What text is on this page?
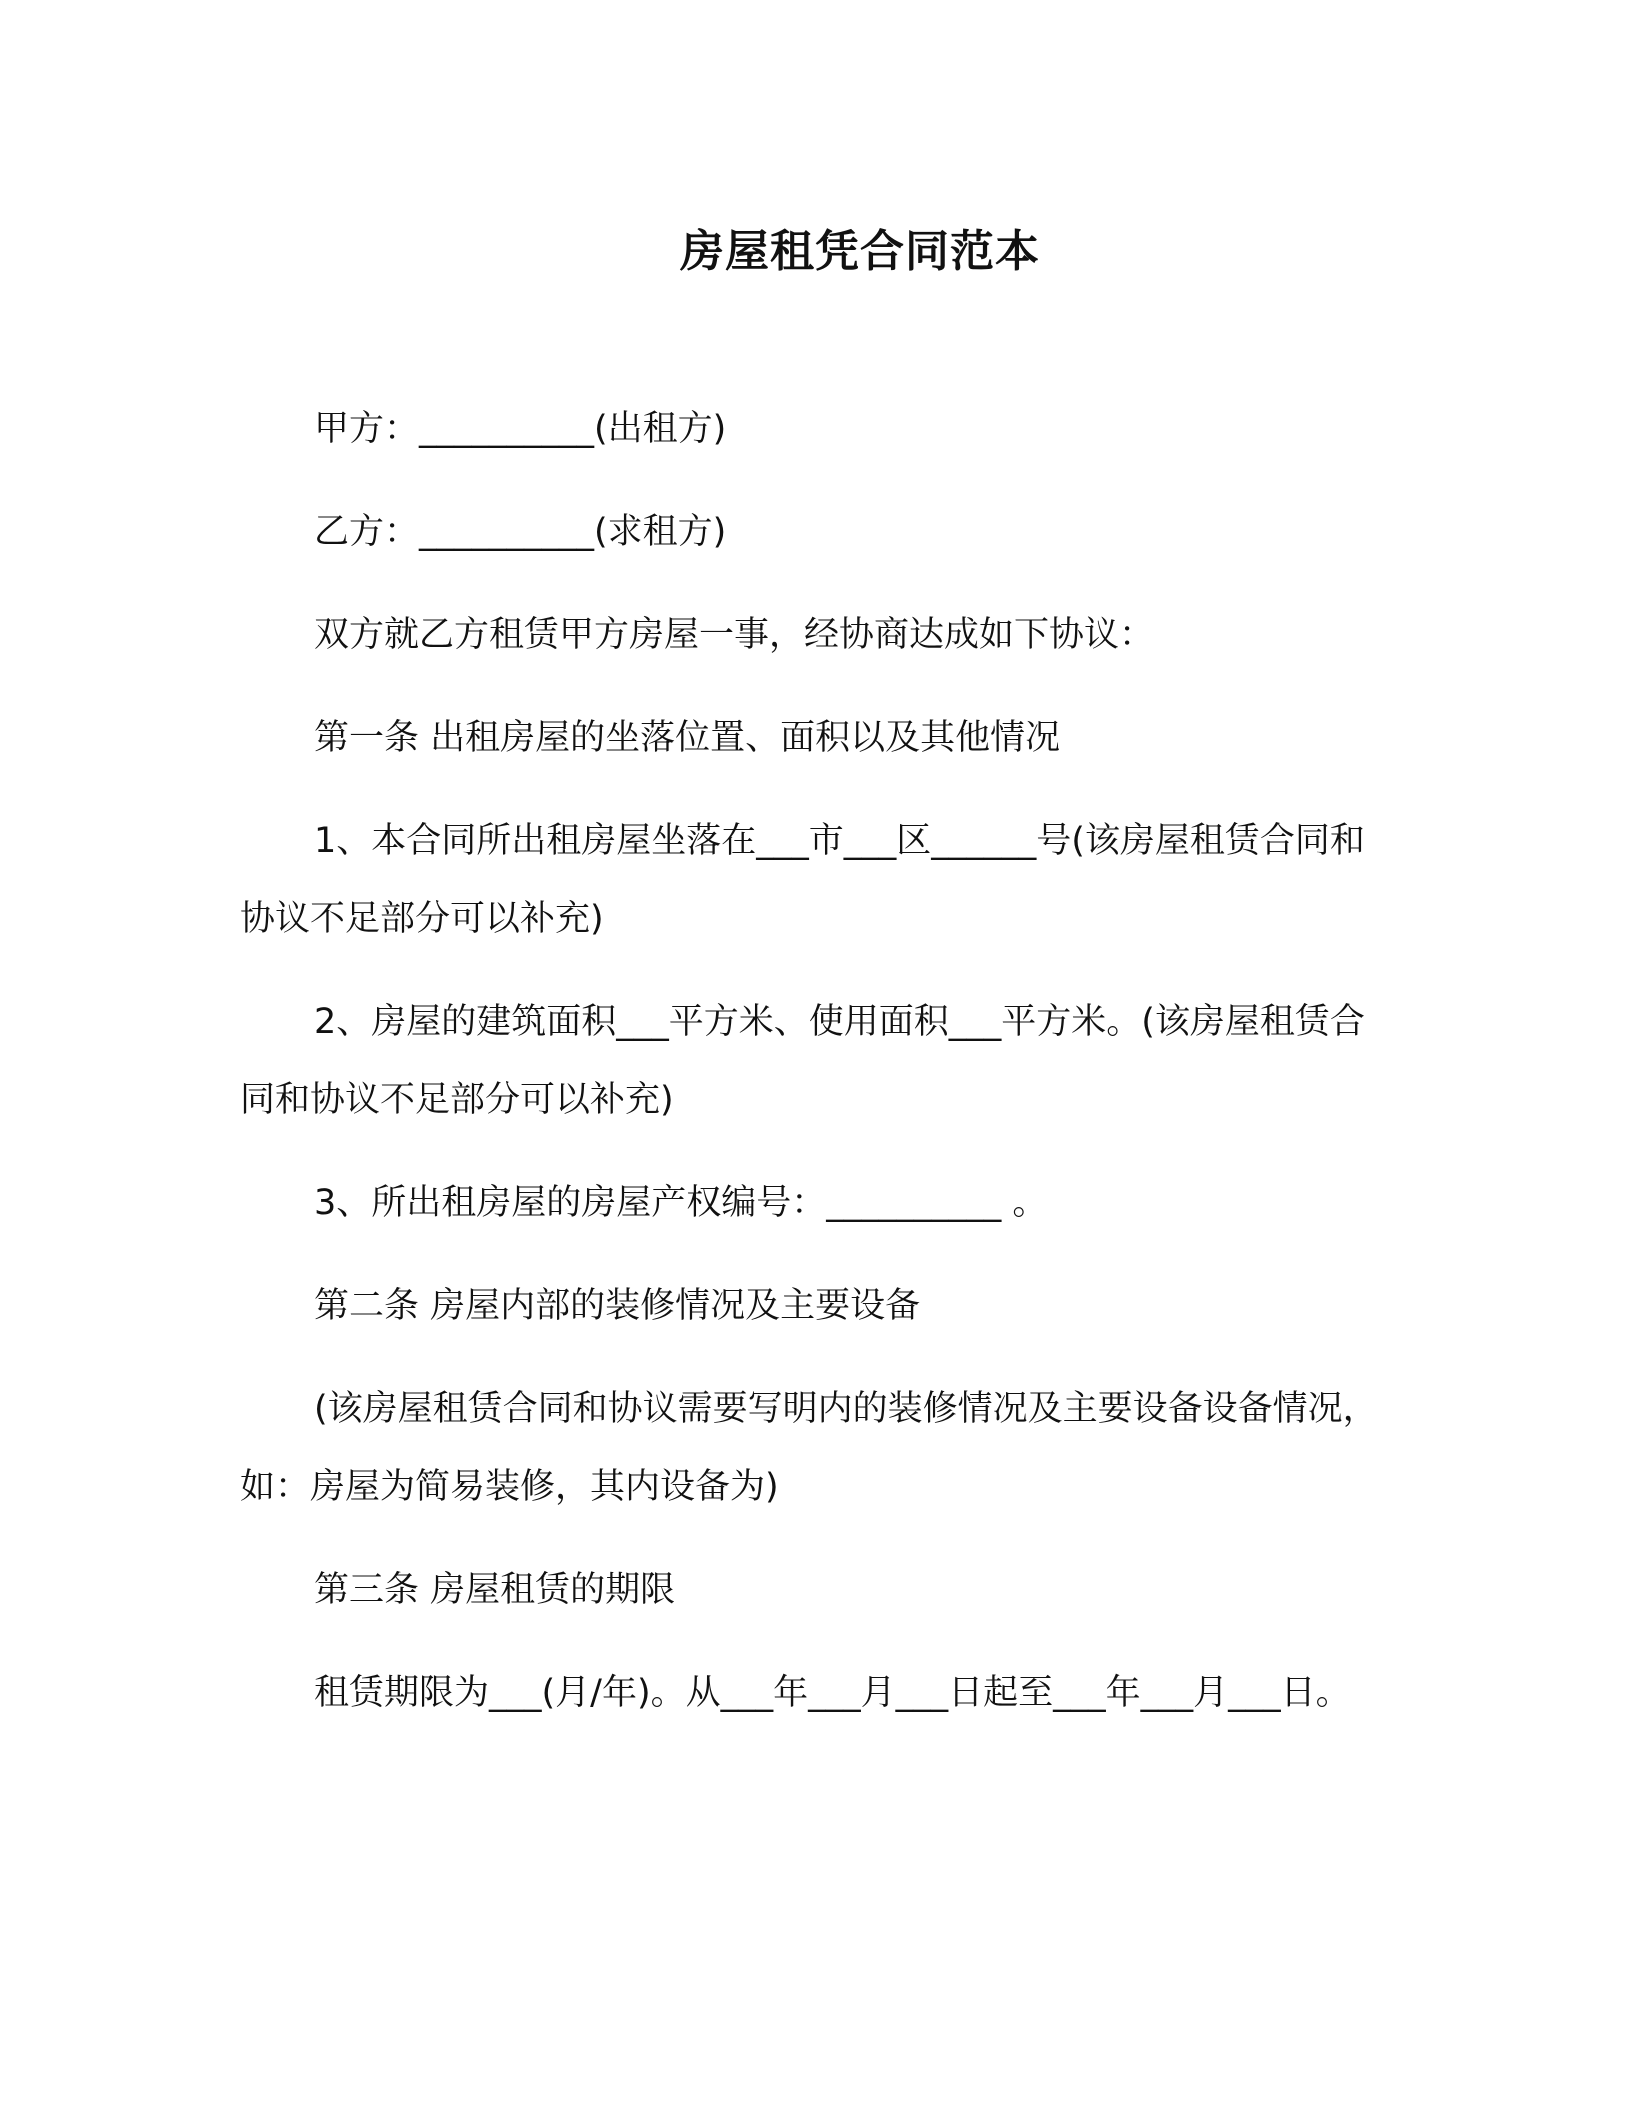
房屋租凭合同范本

甲方：__________(出租方)

乙方：__________(求租方)

双方就乙方租赁甲方房屋一事，经协商达成如下协议：

第一条 出租房屋的坐落位置、面积以及其他情况

1、本合同所出租房屋坐落在___市___区______号(该房屋租赁合同和协议不足部分可以补充)

2、房屋的建筑面积___平方米、使用面积___平方米。(该房屋租赁合同和协议不足部分可以补充)

3、所出租房屋的房屋产权编号：__________ 。

第二条 房屋内部的装修情况及主要设备

(该房屋租赁合同和协议需要写明内的装修情况及主要设备设备情况，如：房屋为简易装修，其内设备为)

第三条 房屋租赁的期限

租赁期限为___(月/年)。从___年___月___日起至___年___月___日。
